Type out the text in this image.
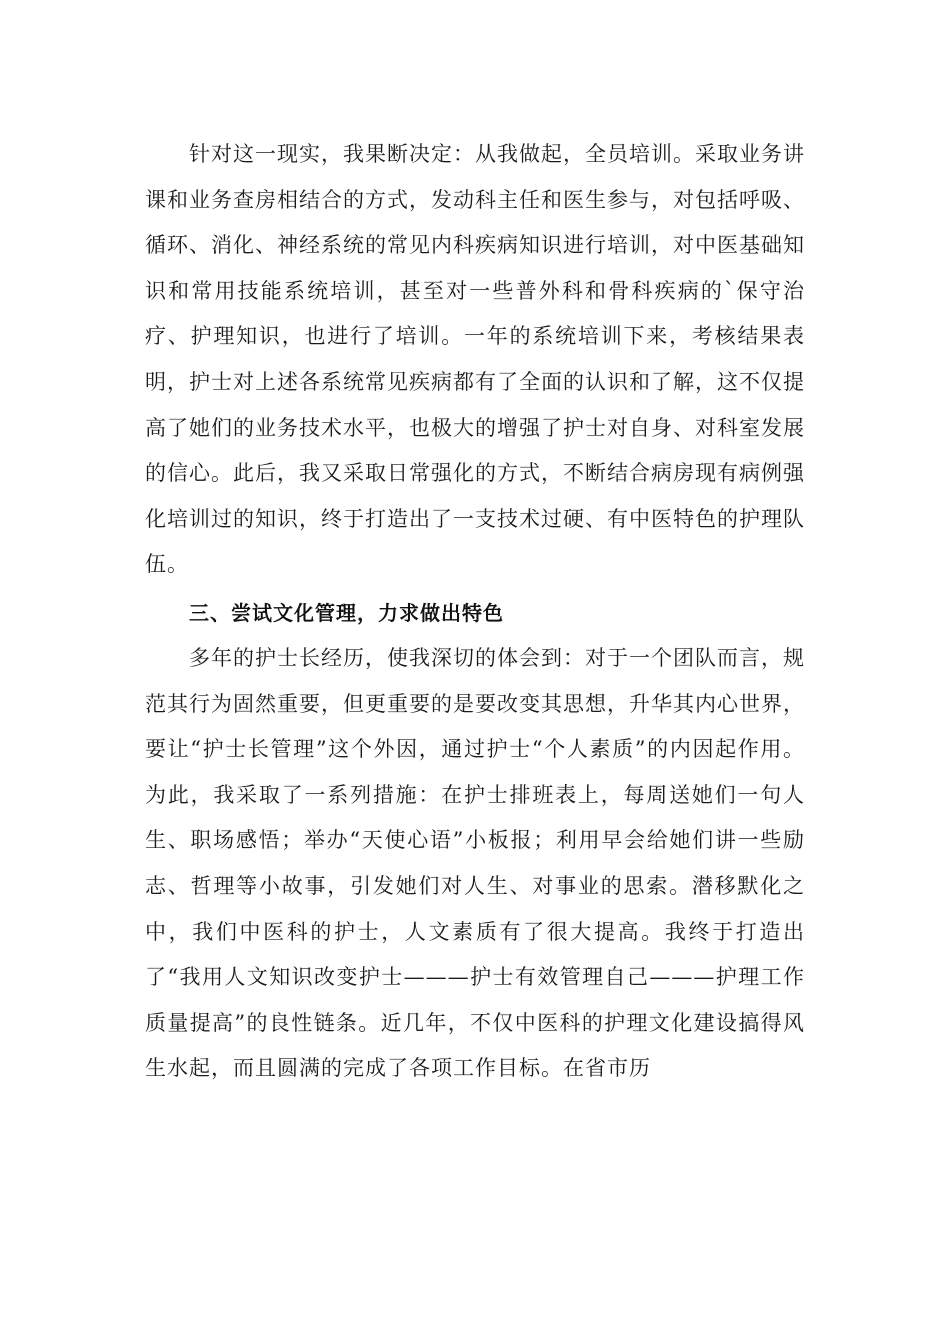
针对这一现实，我果断决定：从我做起，全员培训。采取业务讲课和业务查房相结合的方式，发动科主任和医生参与，对包括呼吸、循环、消化、神经系统的常见内科疾病知识进行培训，对中医基础知识和常用技能系统培训，甚至对一些普外科和骨科疾病的`保守治疗、护理知识，也进行了培训。一年的系统培训下来，考核结果表明，护士对上述各系统常见疾病都有了全面的认识和了解，这不仅提高了她们的业务技术水平，也极大的增强了护士对自身、对科室发展的信心。此后，我又采取日常强化的方式，不断结合病房现有病例强化培训过的知识，终于打造出了一支技术过硬、有中医特色的护理队伍。

三、尝试文化管理，力求做出特色

多年的护士长经历，使我深切的体会到：对于一个团队而言，规范其行为固然重要，但更重要的是要改变其思想，升华其内心世界，要让“护士长管理”这个外因，通过护士“个人素质”的内因起作用。为此，我采取了一系列措施：在护士排班表上，每周送她们一句人生、职场感悟；举办“天使心语”小板报；利用早会给她们讲一些励志、哲理等小故事，引发她们对人生、对事业的思索。潜移默化之中，我们中医科的护士，人文素质有了很大提高。我终于打造出了“我用人文知识改变护士———护士有效管理自己———护理工作质量提高”的良性链条。近几年，不仅中医科的护理文化建设搞得风生水起，而且圆满的完成了各项工作目标。在省市历
